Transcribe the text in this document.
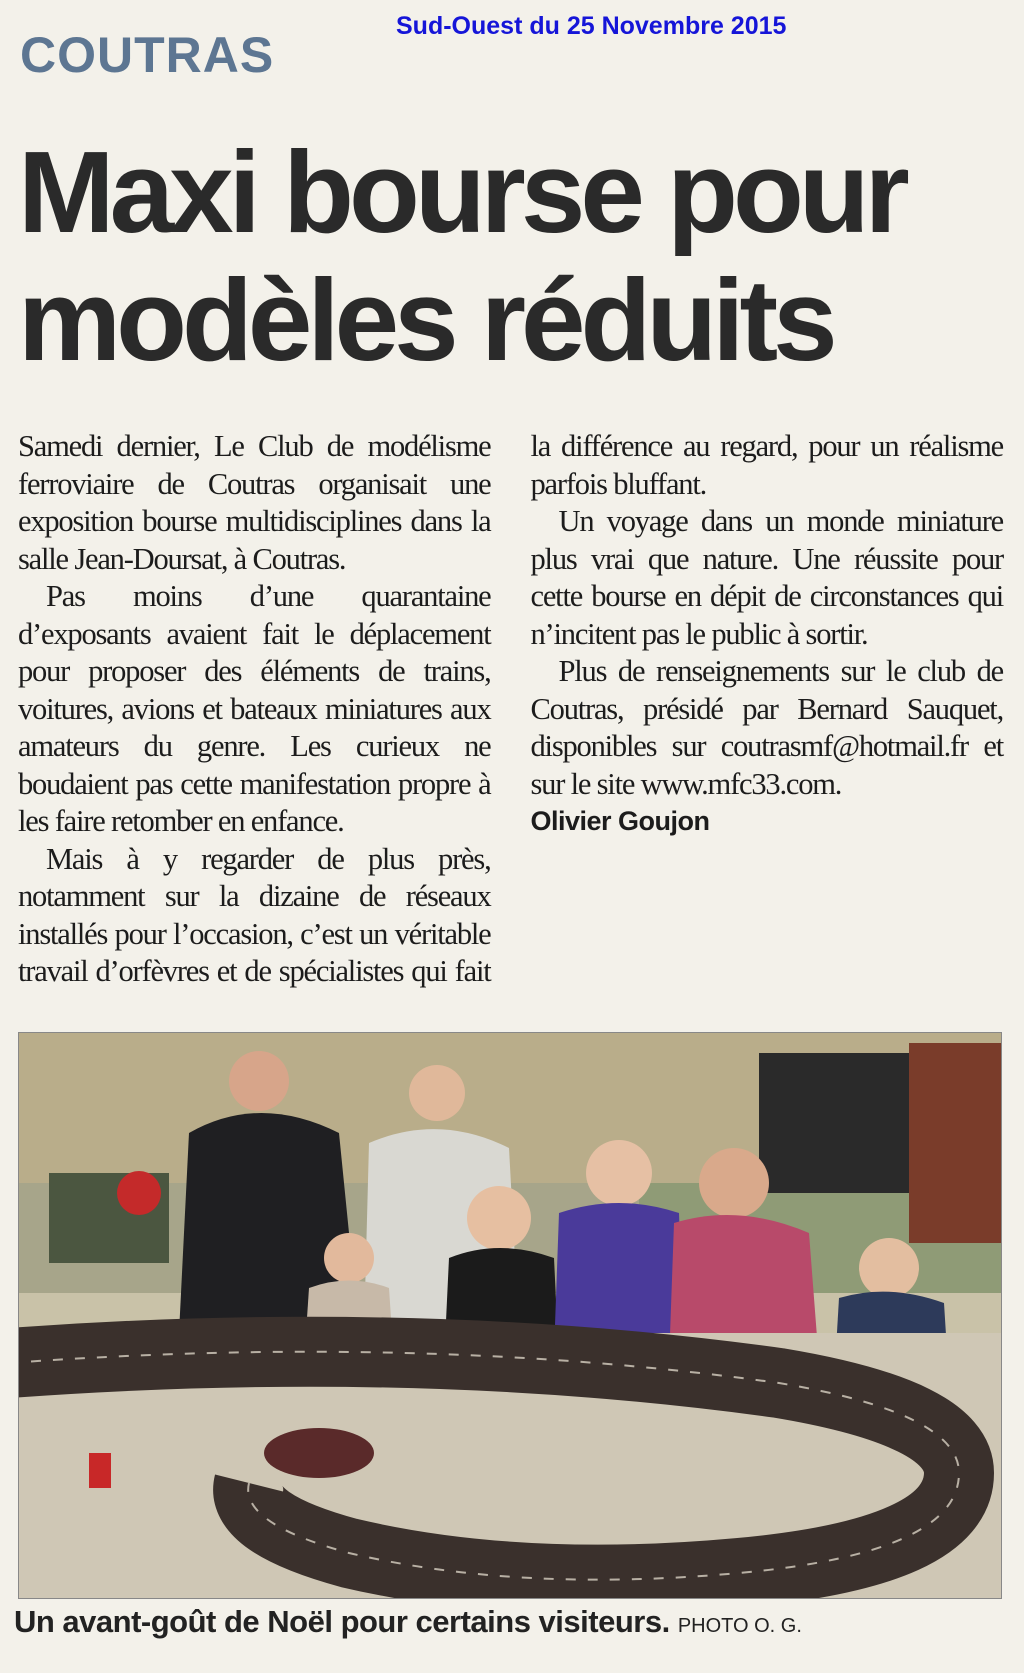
Sud-Ouest du 25 Novembre 2015
COUTRAS
Maxi bourse pour
modèles réduits

Samedi dernier, Le Club de modélisme ferroviaire de Coutras organisait une exposition bourse multidisciplines dans la salle Jean-Doursat, à Coutras.

Pas moins d’une quarantaine d’exposants avaient fait le déplacement pour proposer des éléments de trains, voitures, avions et bateaux miniatures aux amateurs du genre. Les curieux ne boudaient pas cette manifestation propre à les faire retomber en enfance.

Mais à y regarder de plus près, notamment sur la dizaine de réseaux installés pour l’occasion, c’est un véritable travail d’orfèvres et de spécialistes qui fait la différence au regard, pour un réalisme parfois bluffant.

Un voyage dans un monde miniature plus vrai que nature. Une réussite pour cette bourse en dépit de circonstances qui n’incitent pas le public à sortir.

Plus de renseignements sur le club de Coutras, présidé par Bernard Sauquet, disponibles sur coutrasmf@hotmail.fr et sur le site www.mfc33.com.

Olivier Goujon
Un avant-goût de Noël pour certains visiteurs. PHOTO O. G.
